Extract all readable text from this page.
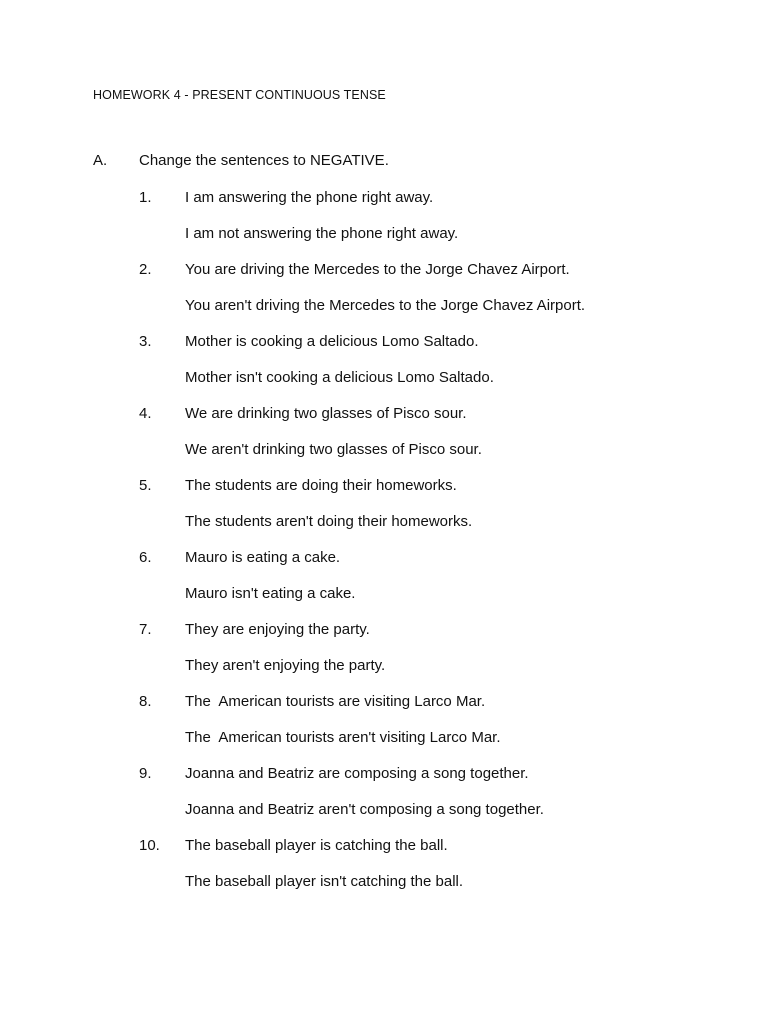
HOMEWORK 4 - PRESENT CONTINUOUS TENSE
A. Change the sentences to NEGATIVE.
1. I am answering the phone right away.
I am not answering the phone right away.
2. You are driving the Mercedes to the Jorge Chavez Airport.
You aren't driving the Mercedes to the Jorge Chavez Airport.
3. Mother is cooking a delicious Lomo Saltado.
Mother isn't cooking a delicious Lomo Saltado.
4. We are drinking two glasses of Pisco sour.
We aren't drinking two glasses of Pisco sour.
5. The students are doing their homeworks.
The students aren't doing their homeworks.
6. Mauro is eating a cake.
Mauro isn't eating a cake.
7. They are enjoying the party.
They aren't enjoying the party.
8. The  American tourists are visiting Larco Mar.
The  American tourists aren't visiting Larco Mar.
9. Joanna and Beatriz are composing a song together.
Joanna and Beatriz aren't composing a song together.
10. The baseball player is catching the ball.
The baseball player isn't catching the ball.
